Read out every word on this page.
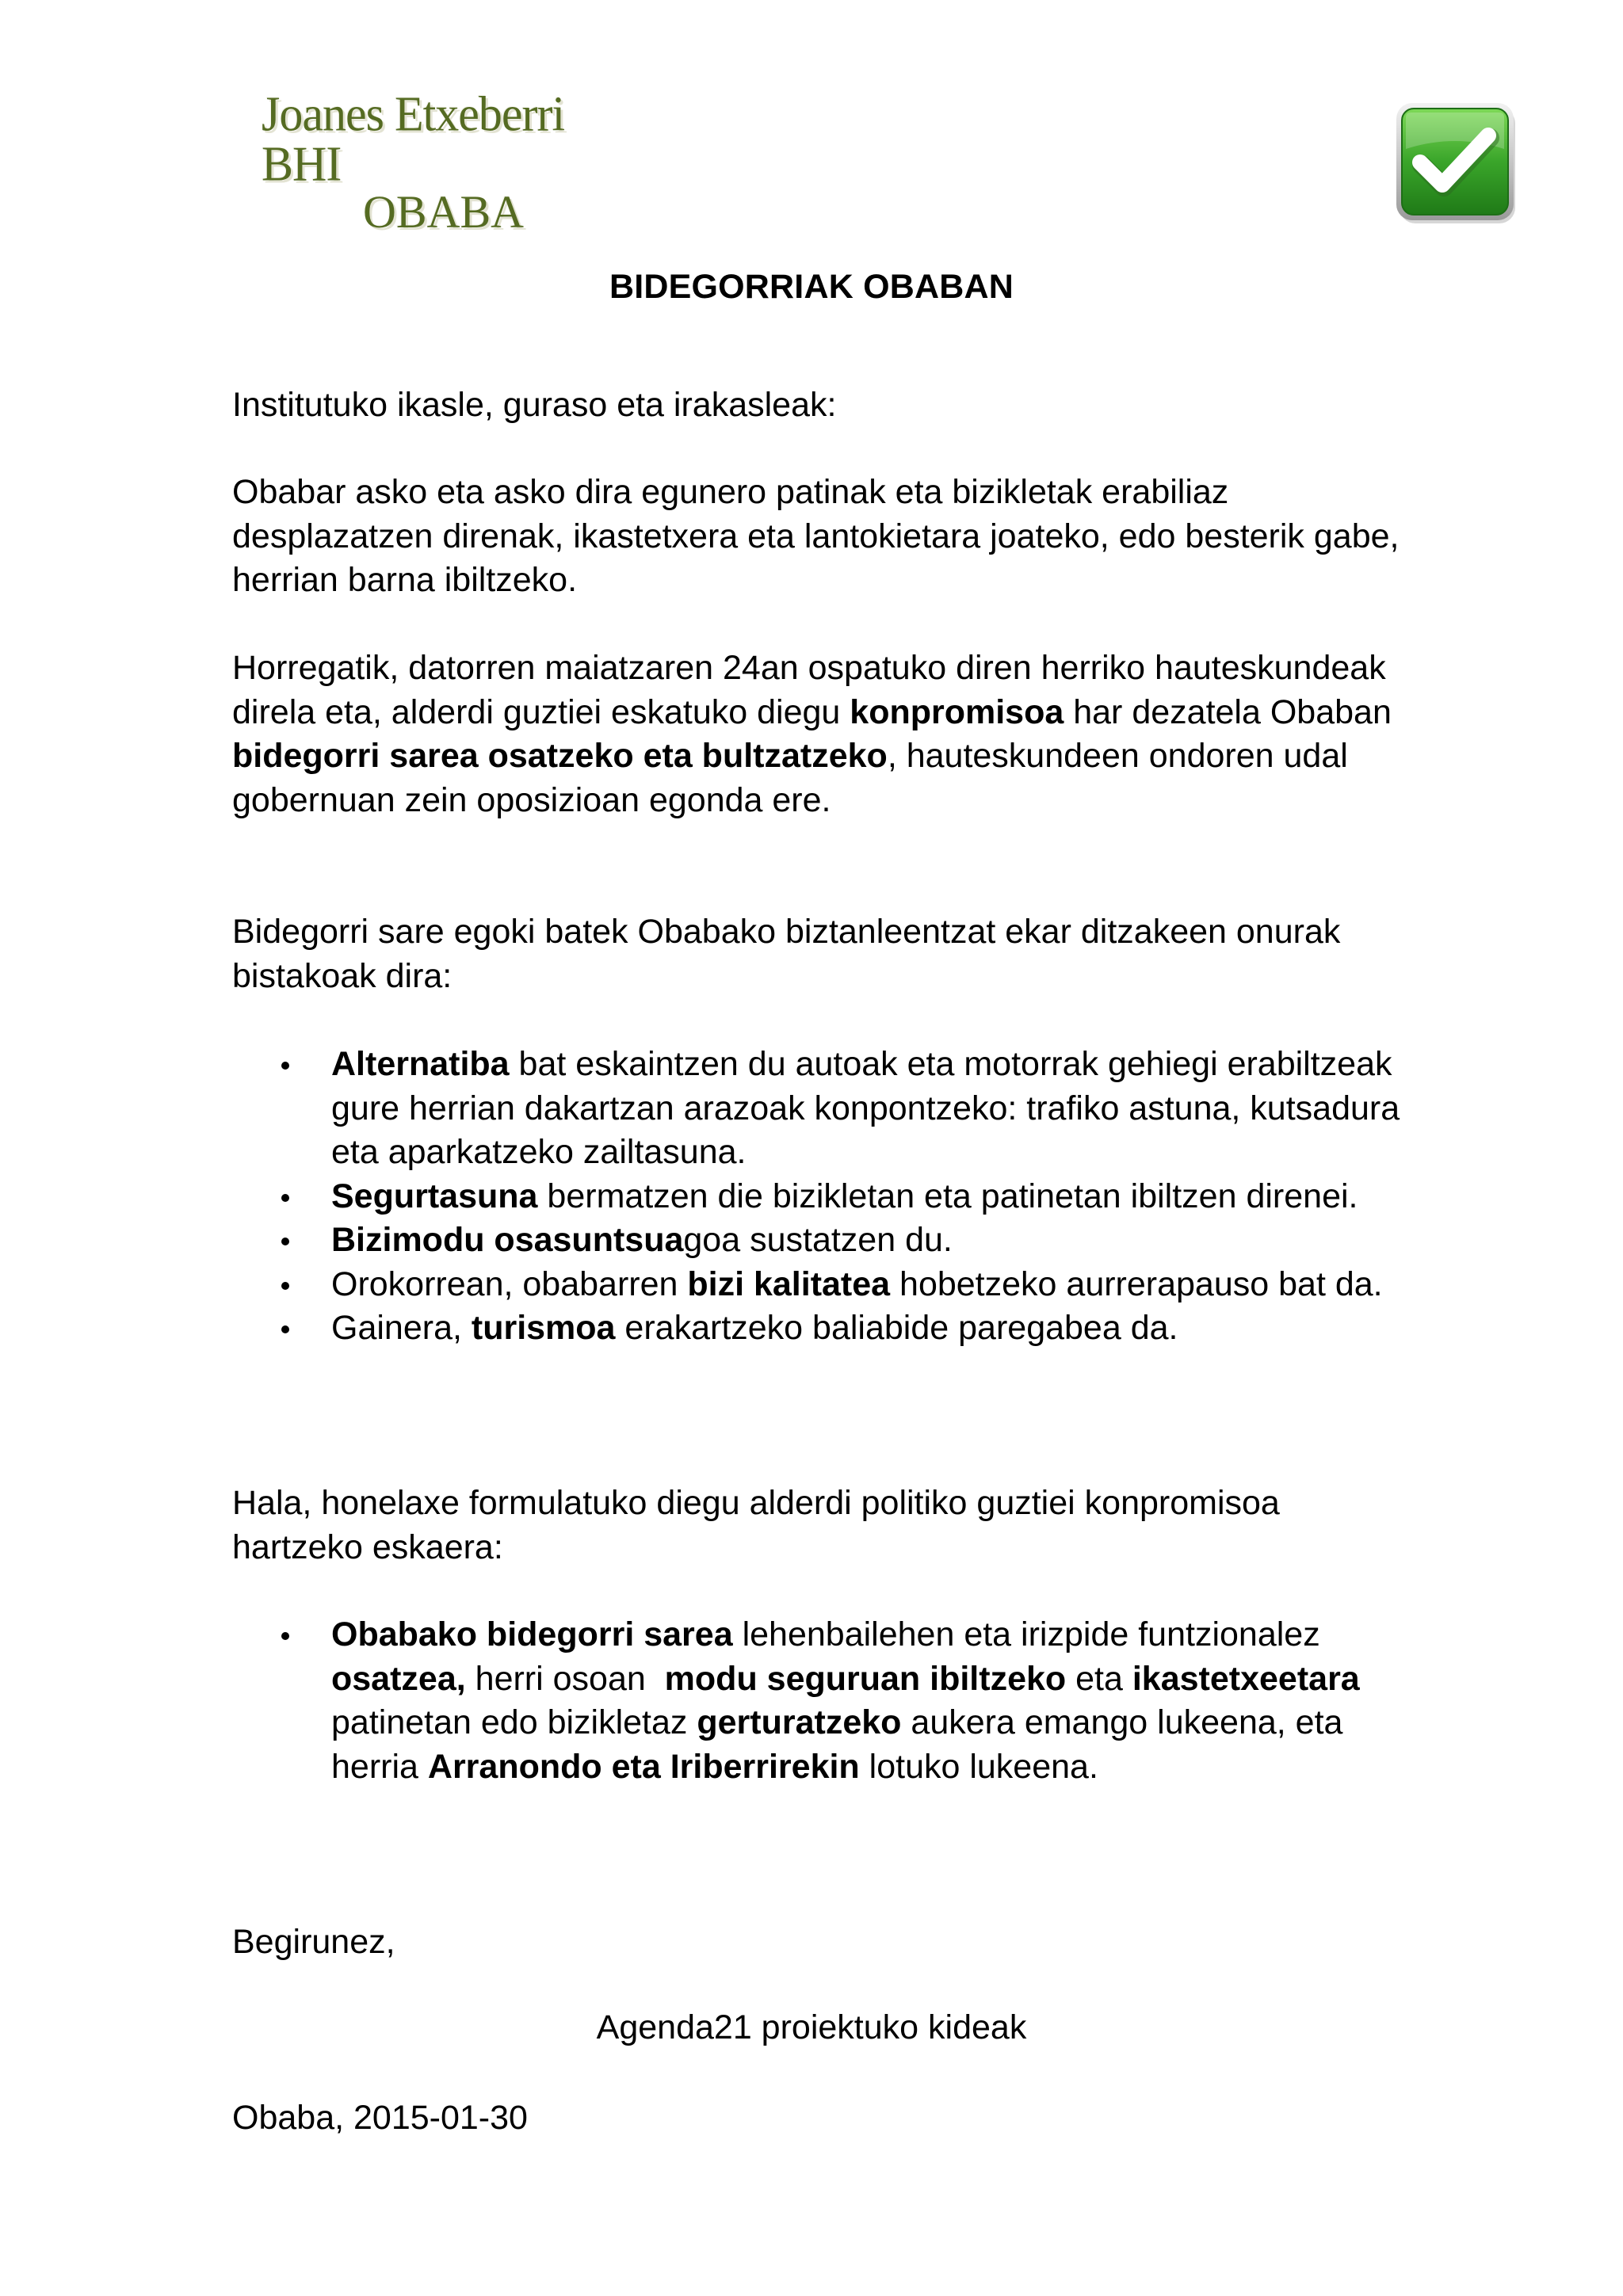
Joanes Etxeberri BHI
OBABA
BIDEGORRIAK OBABAN

Institutuko ikasle, guraso eta irakasleak:

Obabar asko eta asko dira egunero patinak eta bizikletak erabiliaz desplazatzen direnak, ikastetxera eta lantokietara joateko, edo besterik gabe, herrian barna ibiltzeko.

Horregatik, datorren maiatzaren 24an ospatuko diren herriko hauteskundeak direla eta, alderdi guztiei eskatuko diegu konpromisoa har dezatela Obaban bidegorri sarea osatzeko eta bultzatzeko, hauteskundeen ondoren udal gobernuan zein oposizioan egonda ere.

Bidegorri sare egoki batek Obabako biztanleentzat ekar ditzakeen onurak bistakoak dira:

Alternatiba bat eskaintzen du autoak eta motorrak gehiegi erabiltzeak gure herrian dakartzan arazoak konpontzeko: trafiko astuna, kutsadura eta aparkatzeko zailtasuna.
Segurtasuna bermatzen die bizikletan eta patinetan ibiltzen direnei.
Bizimodu osasuntsuagoa sustatzen du.
Orokorrean, obabarren bizi kalitatea hobetzeko aurrerapauso bat da.
Gainera, turismoa erakartzeko baliabide paregabea da.

Hala, honelaxe formulatuko diegu alderdi politiko guztiei konpromisoa hartzeko eskaera:

Obabako bidegorri sarea lehenbailehen eta irizpide funtzionalez osatzea, herri osoan  modu seguruan ibiltzeko eta ikastetxeetara patinetan edo bizikletaz gerturatzeko aukera emango lukeena, eta herria Arranondo eta Iriberrirekin lotuko lukeena.

Begirunez,

Agenda21 proiektuko kideak

Obaba, 2015-01-30
